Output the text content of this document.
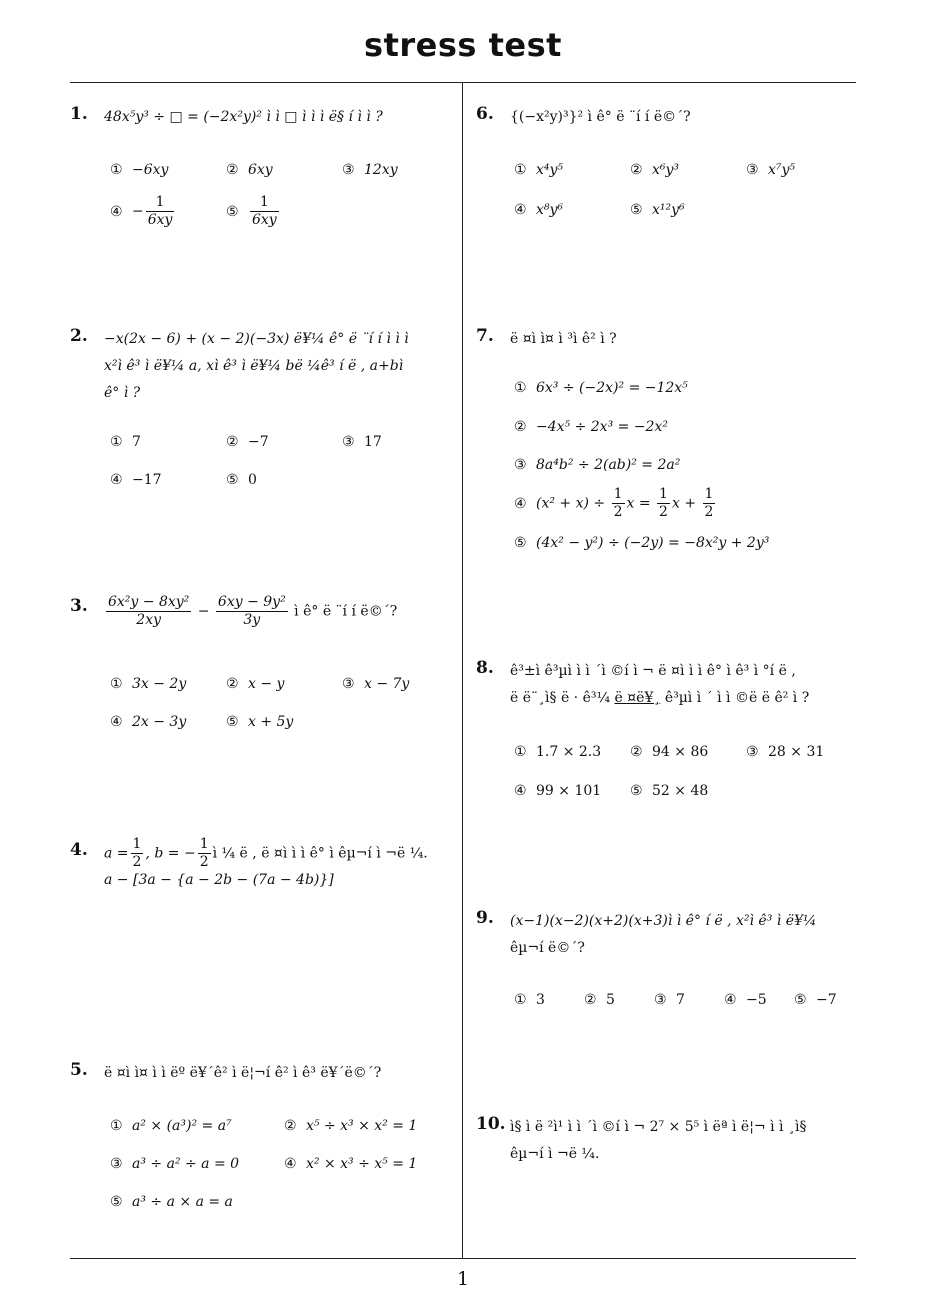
stress test
1
1. 48x⁵y³ ÷ □ = (−2x²y)² ì ì □ ì ì ì ë§ í ì ì ?
① −6xy	② 6xy	③ 12xy
④ − $\frac{1}{6xy}$	⑤ $\frac{1}{6xy}$
2. −x(2x − 6) + (x − 2)(−3x) ë¥¼ ê° ë ¨í í ì ì ì
x²ì ê³ ì ë¥¼ a, xì ê³ ì ë¥¼ bë ¼ê³ í ë , a+bì
ê° ì ?
① 7	② −7	③ 17
④ −17	⑤ 0
3. $\frac{\text{6x²y − 8xy²}}{2xy} - \frac{\text{6xy − 9y²}}{3y}$ ì ê° ë ¨í í ë©´?
① 3x − 2y	② x − y	③ x − 7y
④ 2x − 3y	⑤ x + 5y
4. $a = \frac{1}{2}$ , b = − $\frac{1}{2}$ ì ¼ ë , ë ¤ì ì ì ê° ì êµ¬í ì ¬ë ¼.
a − [3a − {a − 2b − (7a − 4b)}]
5. ë ¤ì ì¤ ì ì ëº ë¥´ê² ì ë¦¬í ê² ì ê³ ë¥´ë©´?
① a² × (a³)² = a⁷	② x⁵ ÷ x³ × x² = 1
③ a³ ÷ a² ÷ a = 0	④ x² × x³ ÷ x⁵ = 1
⑤ a³ ÷ a × a = a
6. {(−x²y)³}² ì ê° ë ¨í í ë©´?
① x⁴y⁵	② x⁶y³	③ x⁷y⁵
④ x⁸y⁶	⑤ x¹²y⁶
7. ë ¤ì ì¤ ì ³ì ê² ì ?
① 6x³ ÷ (−2x)² = −12x⁵
② −4x⁵ ÷ 2x³ = −2x²
③ 8a⁴b² ÷ 2(ab)² = 2a²
④ $(x^2 + x) \div \frac{1}{2}$ $x = \frac{1}{2}$ $x + \frac{1}{2}$
⑤ (4x² − y²) ÷ (−2y) = −8x²y + 2y³
8. ê³±ì ê³µì ì ì ´ì ©í ì ¬ ë ¤ì ì ì ê° ì ê³ ì °í ë ,
ë ë¨¸ì§ ë · ê³¼ ë ¤ë¥¸ ê³µì ì ´ ì ì ©ë ë ê² ì ?
① 1.7 × 2.3 ② 94 × 86	③ 28 × 31
④ 99 × 101 ⑤ 52 × 48
9. (x−1)(x−2)(x+2)(x+3)ì ì ê° í ë , x²ì ê³ ì ë¥¼
êµ¬í ë©´?
① 3	② 5	③ 7	④ −5 ⑤ −7
10. ì§ ì ë ²ì¹ ì ì ´ì ©í ì ¬ 2⁷ × 5⁵ ì ëª ì ë¦¬ ì ì ¸ì§
êµ¬í ì ¬ë ¼.
